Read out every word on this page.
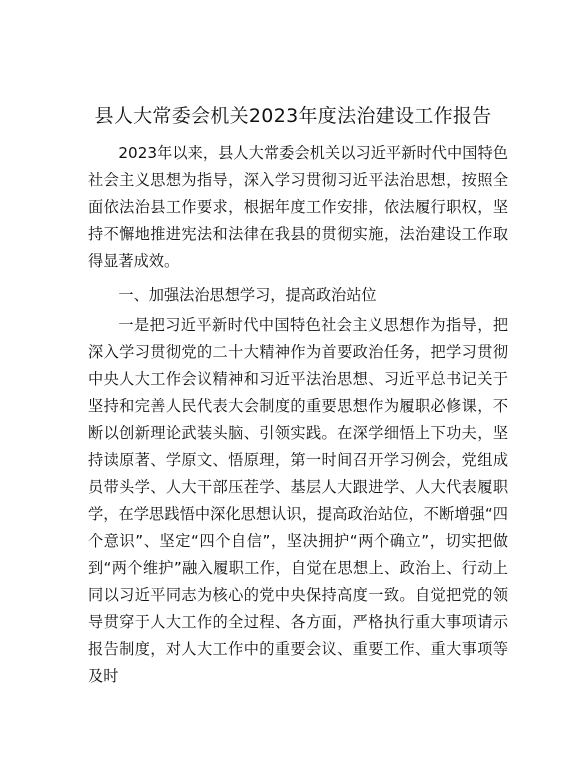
县人大常委会机关2023年度法治建设工作报告

2023年以来，县人大常委会机关以习近平新时代中国特色社会主义思想为指导，深入学习贯彻习近平法治思想，按照全面依法治县工作要求，根据年度工作安排，依法履行职权，坚持不懈地推进宪法和法律在我县的贯彻实施，法治建设工作取得显著成效。

一、加强法治思想学习，提高政治站位

一是把习近平新时代中国特色社会主义思想作为指导，把深入学习贯彻党的二十大精神作为首要政治任务，把学习贯彻中央人大工作会议精神和习近平法治思想、习近平总书记关于坚持和完善人民代表大会制度的重要思想作为履职必修课，不断以创新理论武装头脑、引领实践。在深学细悟上下功夫，坚持读原著、学原文、悟原理，第一时间召开学习例会，党组成员带头学、人大干部压茬学、基层人大跟进学、人大代表履职学，在学思践悟中深化思想认识，提高政治站位，不断增强“四个意识”、坚定“四个自信”，坚决拥护“两个确立”，切实把做到“两个维护”融入履职工作，自觉在思想上、政治上、行动上同以习近平同志为核心的党中央保持高度一致。自觉把党的领导贯穿于人大工作的全过程、各方面，严格执行重大事项请示报告制度，对人大工作中的重要会议、重要工作、重大事项等及时
